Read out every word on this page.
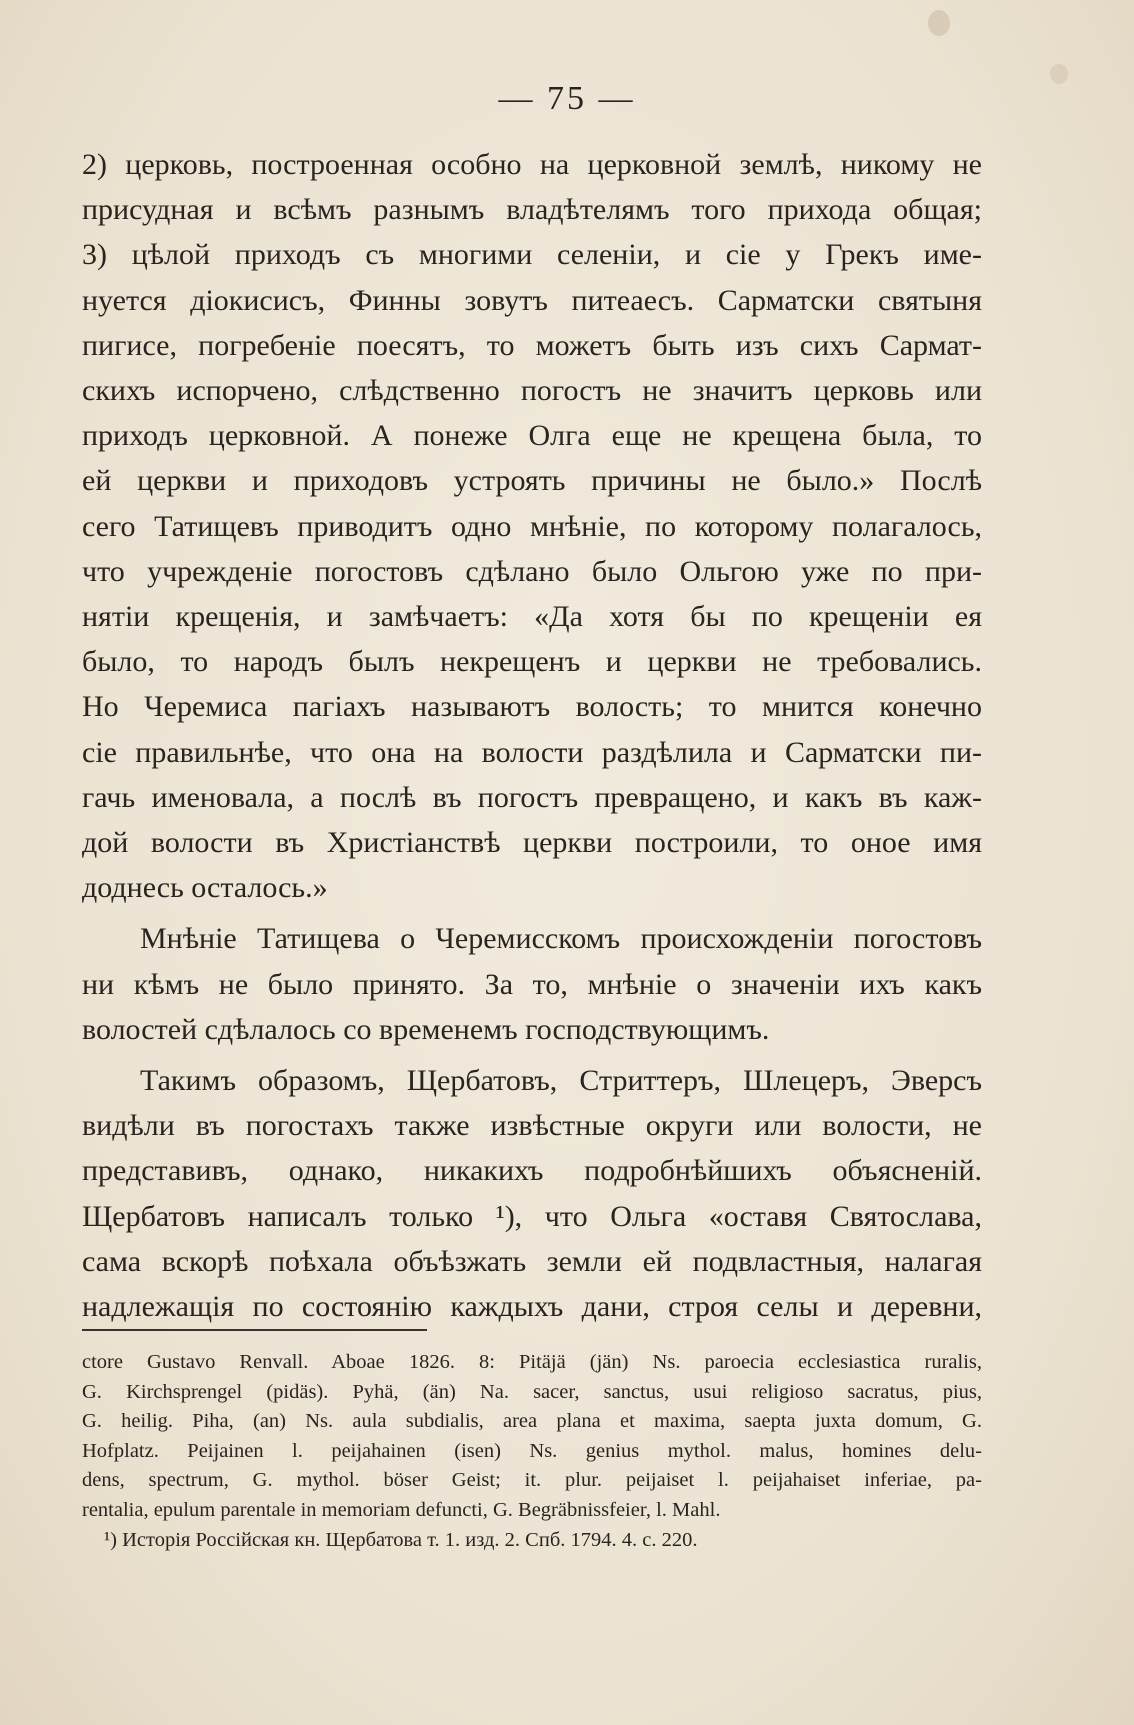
— 75 —
2) церковь, построенная особно на церковной землѣ, никому не
присудная и всѣмъ разнымъ владѣтелямъ того прихода общая;
3) цѣлой приходъ съ многими селеніи, и сіе у Грекъ име-
нуется діокисисъ, Финны зовутъ питеаесъ. Сарматски святыня
пигисе, погребеніе поесятъ, то можетъ быть изъ сихъ Сармат-
скихъ испорчено, слѣдственно погостъ не значитъ церковь или
приходъ церковной. А понеже Олга еще не крещена была, то
ей церкви и приходовъ устроять причины не было.» Послѣ
сего Татищевъ приводитъ одно мнѣніе, по которому полагалось,
что учрежденіе погостовъ сдѣлано было Ольгою уже по при-
нятіи крещенія, и замѣчаетъ: «Да хотя бы по крещеніи ея
было, то народъ былъ некрещенъ и церкви не требовались.
Но Черемиса пагіахъ называютъ волость; то мнится конечно
сіе правильнѣе, что она на волости раздѣлила и Сарматски пи-
гачь именовала, а послѣ въ погостъ превращено, и какъ въ каж-
дой волости въ Христіанствѣ церкви построили, то оное имя
доднесь осталось.»
Мнѣніе Татищева о Черемисскомъ происхожденіи погостовъ
ни кѣмъ не было принято. За то, мнѣніе о значеніи ихъ какъ
волостей сдѣлалось со временемъ господствующимъ.
Такимъ образомъ, Щербатовъ, Стриттеръ, Шлецеръ, Эверсъ
видѣли въ погостахъ также извѣстные округи или волости, не
представивъ, однако, никакихъ подробнѣйшихъ объясненій.
Щербатовъ написалъ только ¹), что Ольга «оставя Святослава,
сама вскорѣ поѣхала объѣзжать земли ей подвластныя, налагая
надлежащія по состоянію каждыхъ дани, строя селы и деревни,
ctore Gustavo Renvall. Aboae 1826. 8: Pitäjä (jän) Ns. paroecia ecclesiastica ruralis,
G. Kirchsprengel (pidäs). Pyhä, (än) Na. sacer, sanctus, usui religioso sacratus, pius,
G. heilig. Piha, (an) Ns. aula subdialis, area plana et maxima, saepta juxta domum, G.
Hofplatz. Peijainen l. peijahainen (isen) Ns. genius mythol. malus, homines delu-
dens, spectrum, G. mythol. böser Geist; it. plur. peijaiset l. peijahaiset inferiae, pa-
rentalia, epulum parentale in memoriam defuncti, G. Begräbnissfeier, l. Mahl.
¹) Исторія Россійская кн. Щербатова т. 1. изд. 2. Спб. 1794. 4. с. 220.
